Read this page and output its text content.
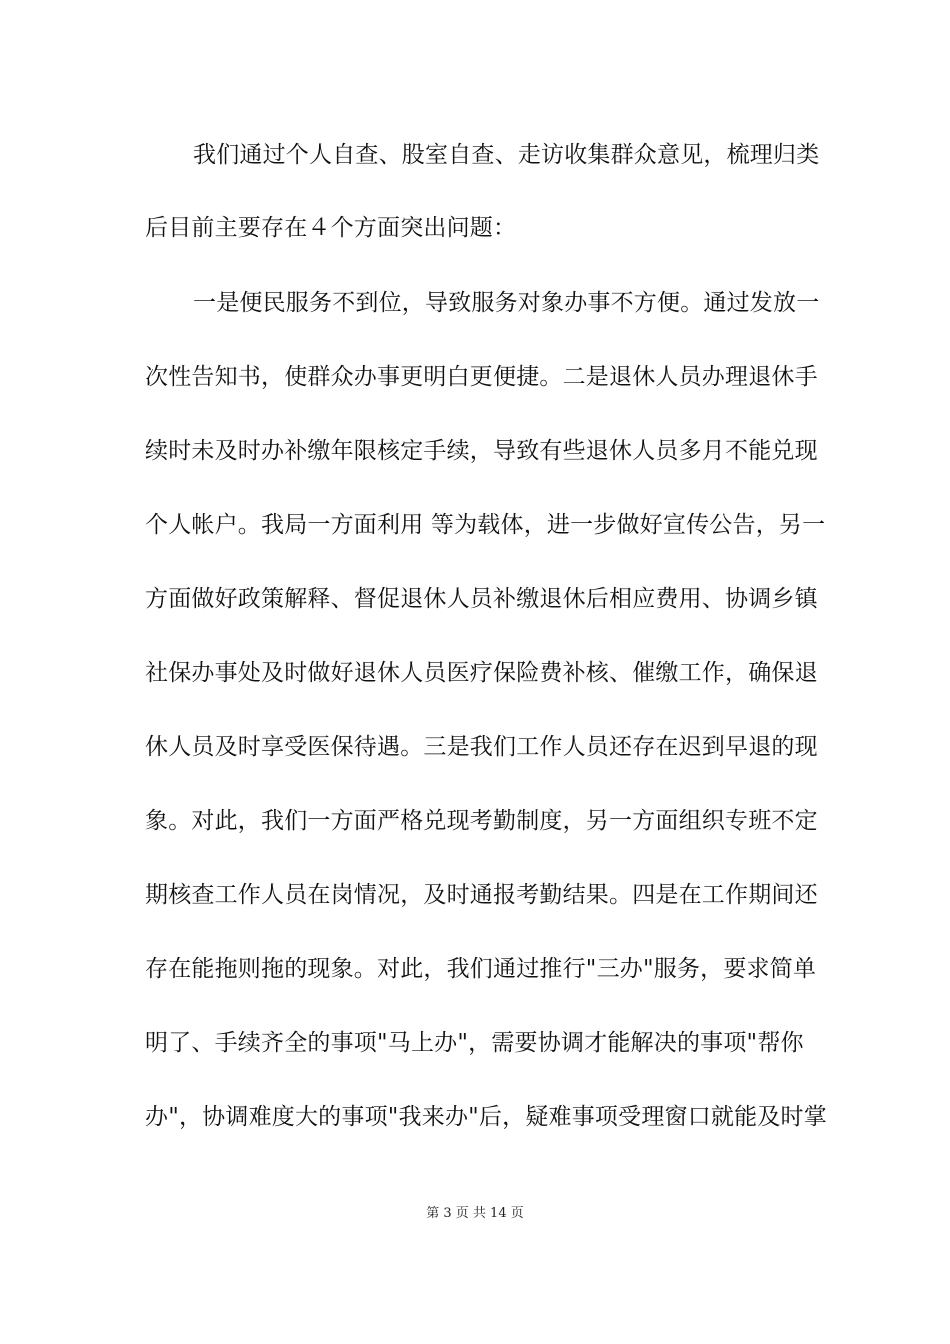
我们通过个人自查、股室自查、走访收集群众意见，梳理归类
后目前主要存在４个方面突出问题：
一是便民服务不到位，导致服务对象办事不方便。通过发放一
次性告知书，使群众办事更明白更便捷。二是退休人员办理退休手
续时未及时办补缴年限核定手续，导致有些退休人员多月不能兑现
个人帐户。我局一方面利用 等为载体，进一步做好宣传公告，另一
方面做好政策解释、督促退休人员补缴退休后相应费用、协调乡镇
社保办事处及时做好退休人员医疗保险费补核、催缴工作，确保退
休人员及时享受医保待遇。三是我们工作人员还存在迟到早退的现
象。对此，我们一方面严格兑现考勤制度，另一方面组织专班不定
期核查工作人员在岗情况，及时通报考勤结果。四是在工作期间还
存在能拖则拖的现象。对此，我们通过推行"三办"服务，要求简单
明了、手续齐全的事项"马上办"，需要协调才能解决的事项"帮你
办"，协调难度大的事项"我来办"后，疑难事项受理窗口就能及时掌
第 3 页 共 14 页
